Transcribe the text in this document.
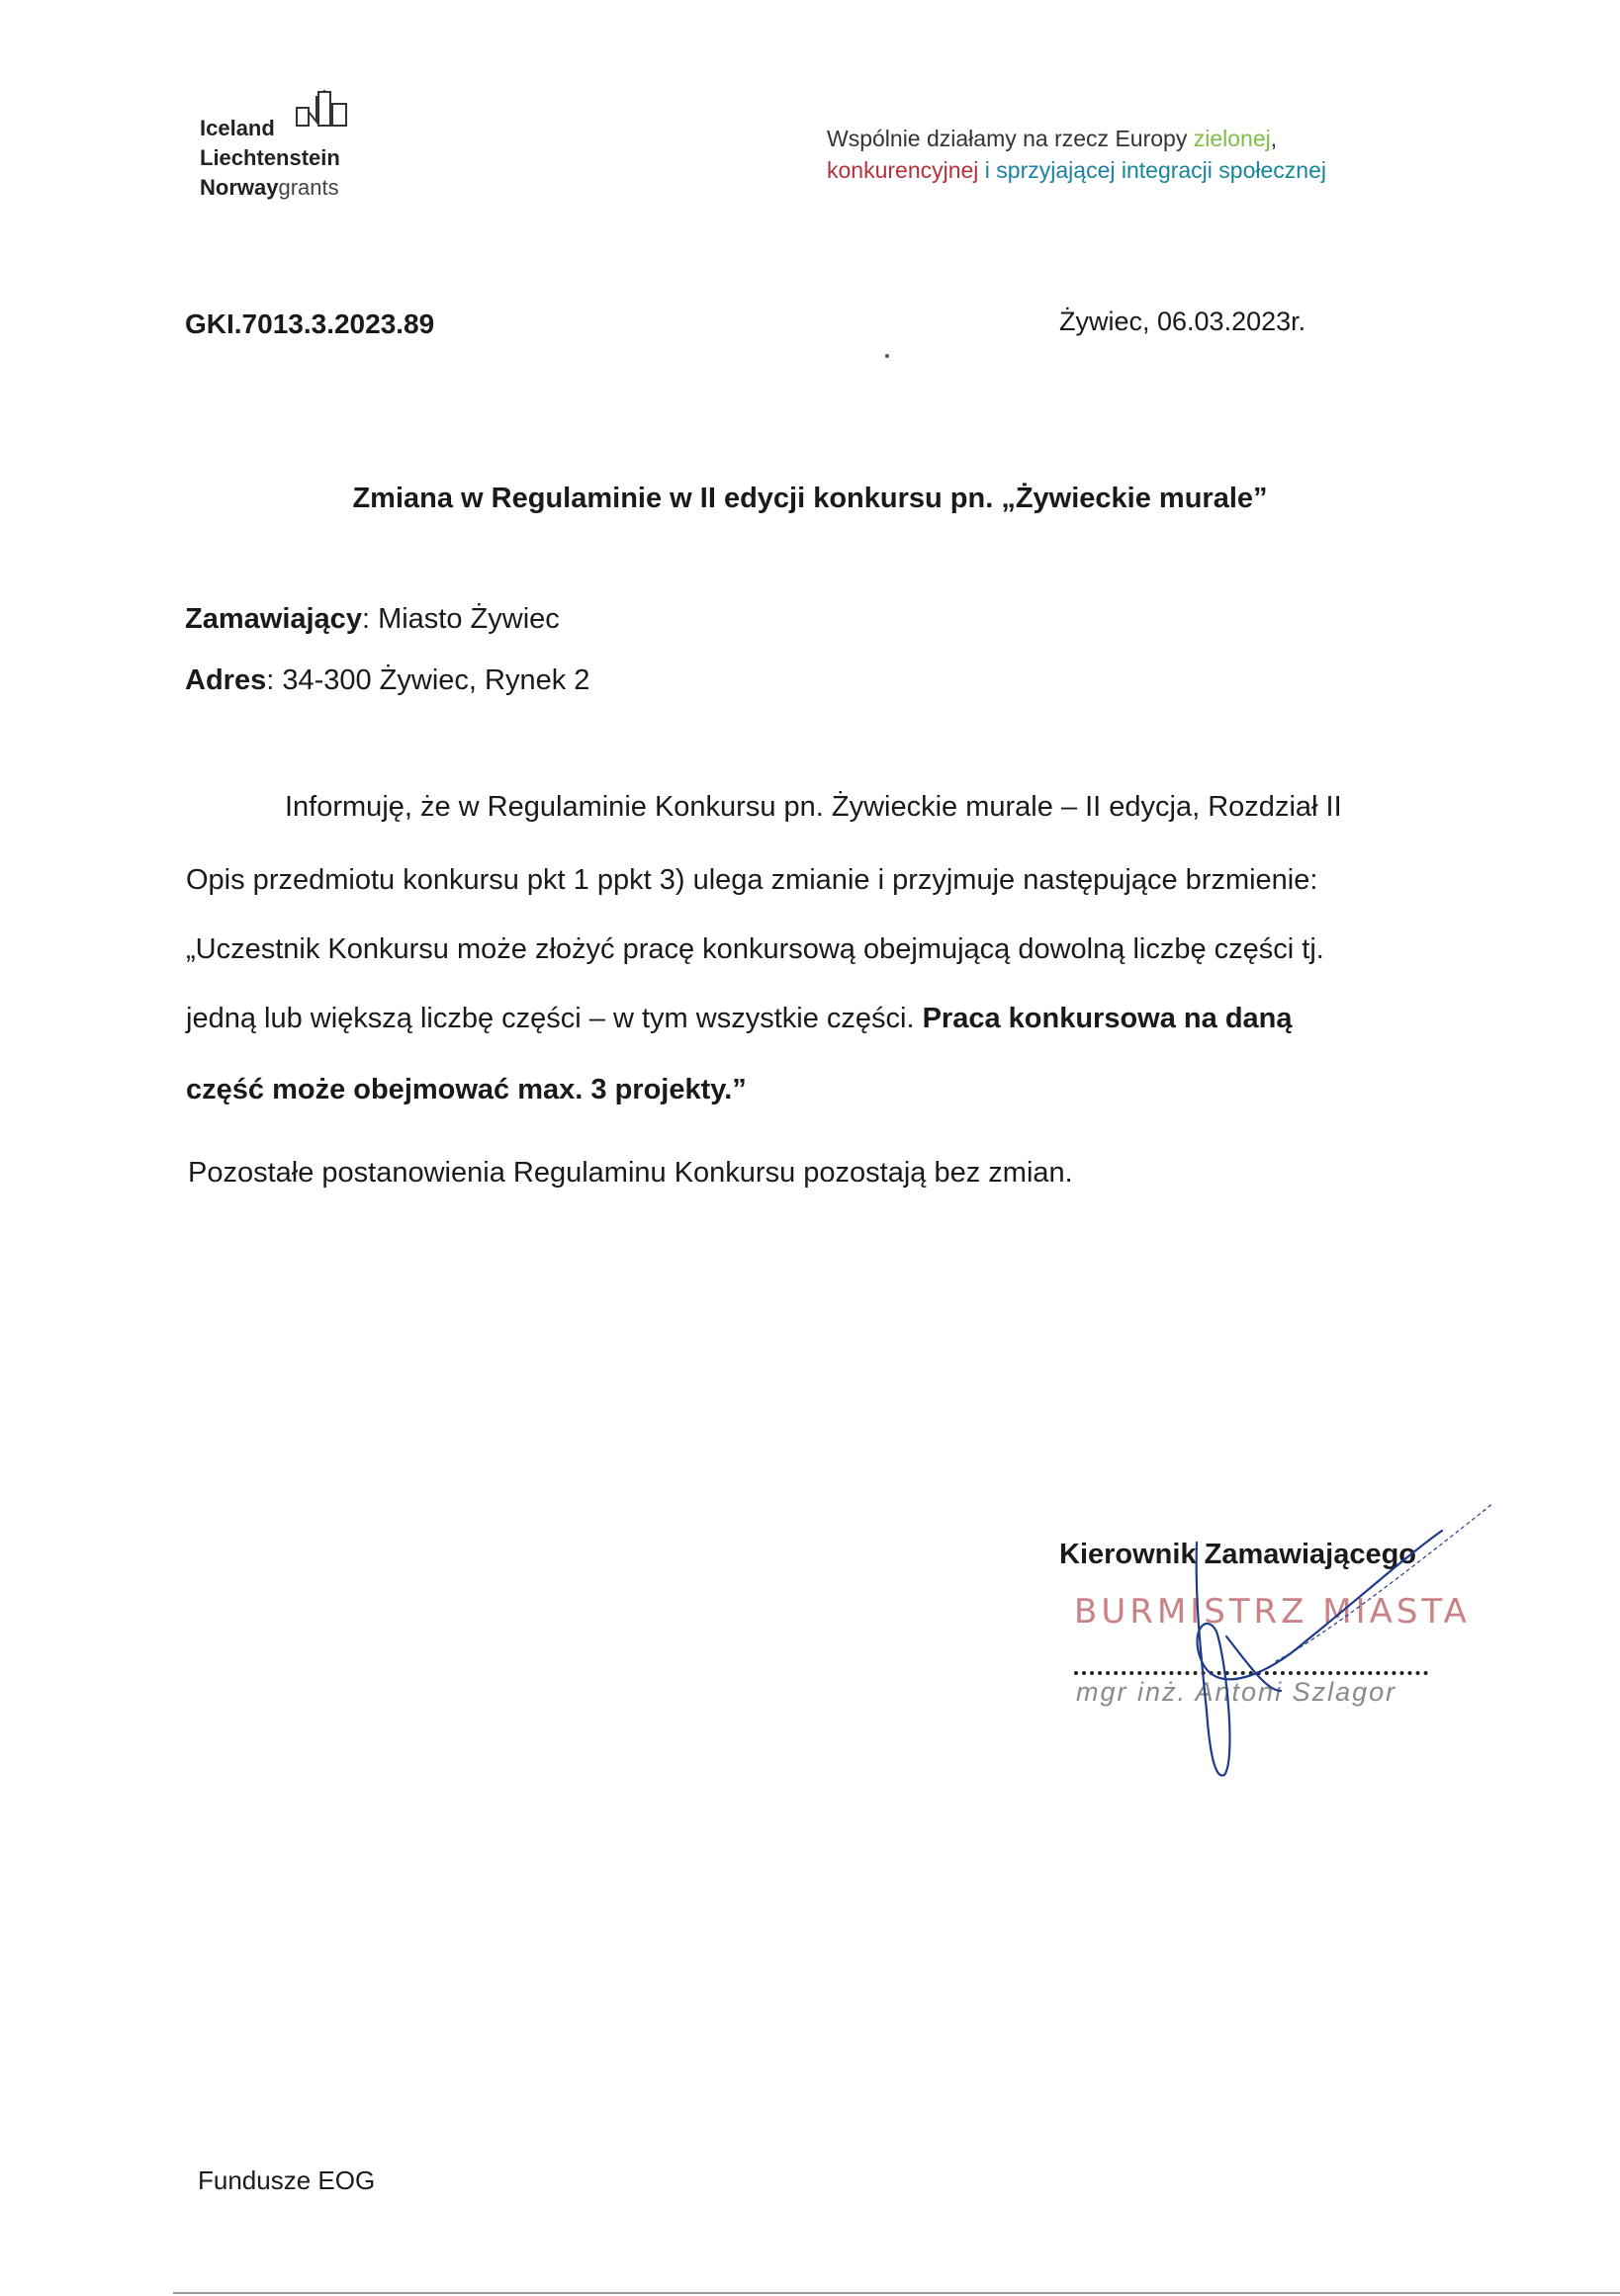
Iceland
Liechtenstein
Norwaygrants
Wspólnie działamy na rzecz Europy zielonej,
konkurencyjnej i sprzyjającej integracji społecznej
GKI.7013.3.2023.89	Żywiec, 06.03.2023r.
Zmiana w Regulaminie w II edycji konkursu pn. „Żywieckie murale”
Zamawiający: Miasto Żywiec
Adres: 34-300 Żywiec, Rynek 2
Informuję, że w Regulaminie Konkursu pn. Żywieckie murale – II edycja, Rozdział II
Opis przedmiotu konkursu pkt 1 ppkt 3) ulega zmianie i przyjmuje następujące brzmienie:
„Uczestnik Konkursu może złożyć pracę konkursową obejmującą dowolną liczbę części tj.
jedną lub większą liczbę części – w tym wszystkie części. Praca konkursowa na daną
część może obejmować max. 3 projekty.”
Pozostałe postanowienia Regulaminu Konkursu pozostają bez zmian.
Kierownik Zamawiającego
BURMISTRZ MIASTA
mgr inż. Antoni Szlagor
Fundusze EOG
